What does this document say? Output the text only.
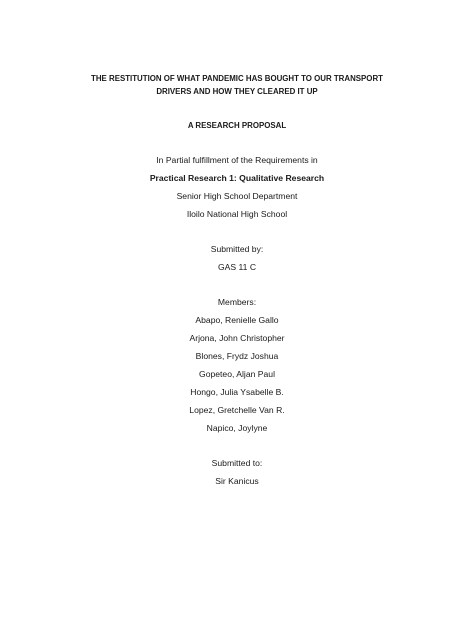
THE RESTITUTION OF WHAT PANDEMIC HAS BOUGHT TO OUR TRANSPORT
DRIVERS AND HOW THEY CLEARED IT UP
A RESEARCH PROPOSAL
In Partial fulfillment of the Requirements in
Practical Research 1: Qualitative Research
Senior High School Department
Iloilo National High School
Submitted by:
GAS 11 C
Members:
Abapo, Renielle Gallo
Arjona, John Christopher
Blones, Frydz Joshua
Gopeteo, Aljan Paul
Hongo, Julia Ysabelle B.
Lopez, Gretchelle Van R.
Napico, Joylyne
Submitted to:
Sir Kanicus
